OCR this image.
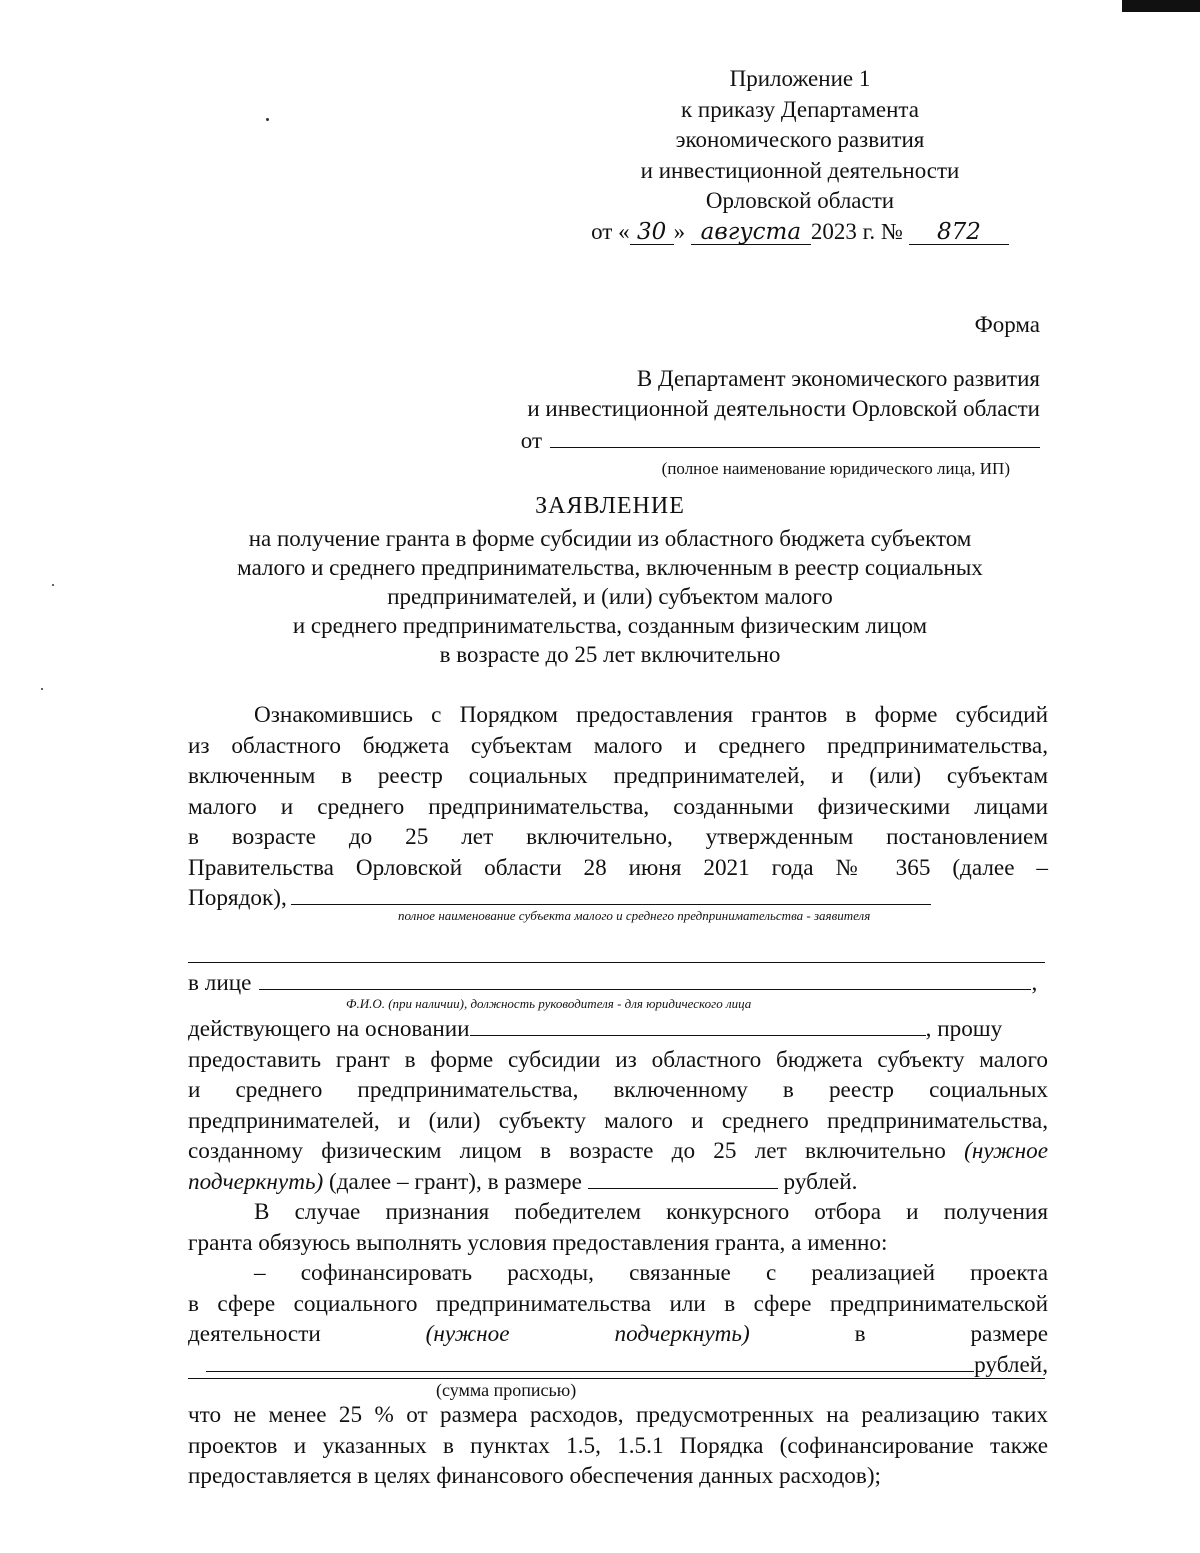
Приложение 1
к приказу Департамента
экономического развития
и инвестиционной деятельности
Орловской области
от « 30 » августа 2023 г. № 872
Форма
В Департамент экономического развития
и инвестиционной деятельности Орловской области
от
(полное наименование юридического лица, ИП)
ЗАЯВЛЕНИЕ
на получение гранта в форме субсидии из областного бюджета субъектом
малого и среднего предпринимательства, включенным в реестр социальных
предпринимателей, и (или) субъектом малого
и среднего предпринимательства, созданным физическим лицом
в возрасте до 25 лет включительно

Ознакомившись с Порядком предоставления грантов в форме субсидий

из областного бюджета субъектам малого и среднего предпринимательства,

включенным в реестр социальных предпринимателей, и (или) субъектам

малого и среднего предпринимательства, созданными физическими лицами

в возрасте до 25 лет включительно, утвержденным постановлением

Правительства Орловской области 28 июня 2021 года № 365 (далее –

Порядок),

полное наименование субъекта малого и среднего предпринимательства - заявителя

в лице	,

Ф.И.О. (при наличии), должность руководителя - для юридического лица

действующего на основании	, прошу

предоставить грант в форме субсидии из областного бюджета субъекту малого

и среднего предпринимательства, включенному в реестр социальных

предпринимателей, и (или) субъекту малого и среднего предпринимательства,

созданному физическим лицом в возрасте до 25 лет включительно (нужное

подчеркнуть) (далее – грант), в размере	рублей.

В случае признания победителем конкурсного отбора и получения

гранта обязуюсь выполнять условия предоставления гранта, а именно:

– софинансировать расходы, связанные с реализацией проекта

в сфере социального предпринимательства или в сфере предпринимательской

деятельности	(нужное	подчеркнуть)	в	размере

рублей,

(сумма прописью)

что не менее 25 % от размера расходов, предусмотренных на реализацию таких

проектов и указанных в пунктах 1.5, 1.5.1 Порядка (софинансирование также

предоставляется в целях финансового обеспечения данных расходов);
